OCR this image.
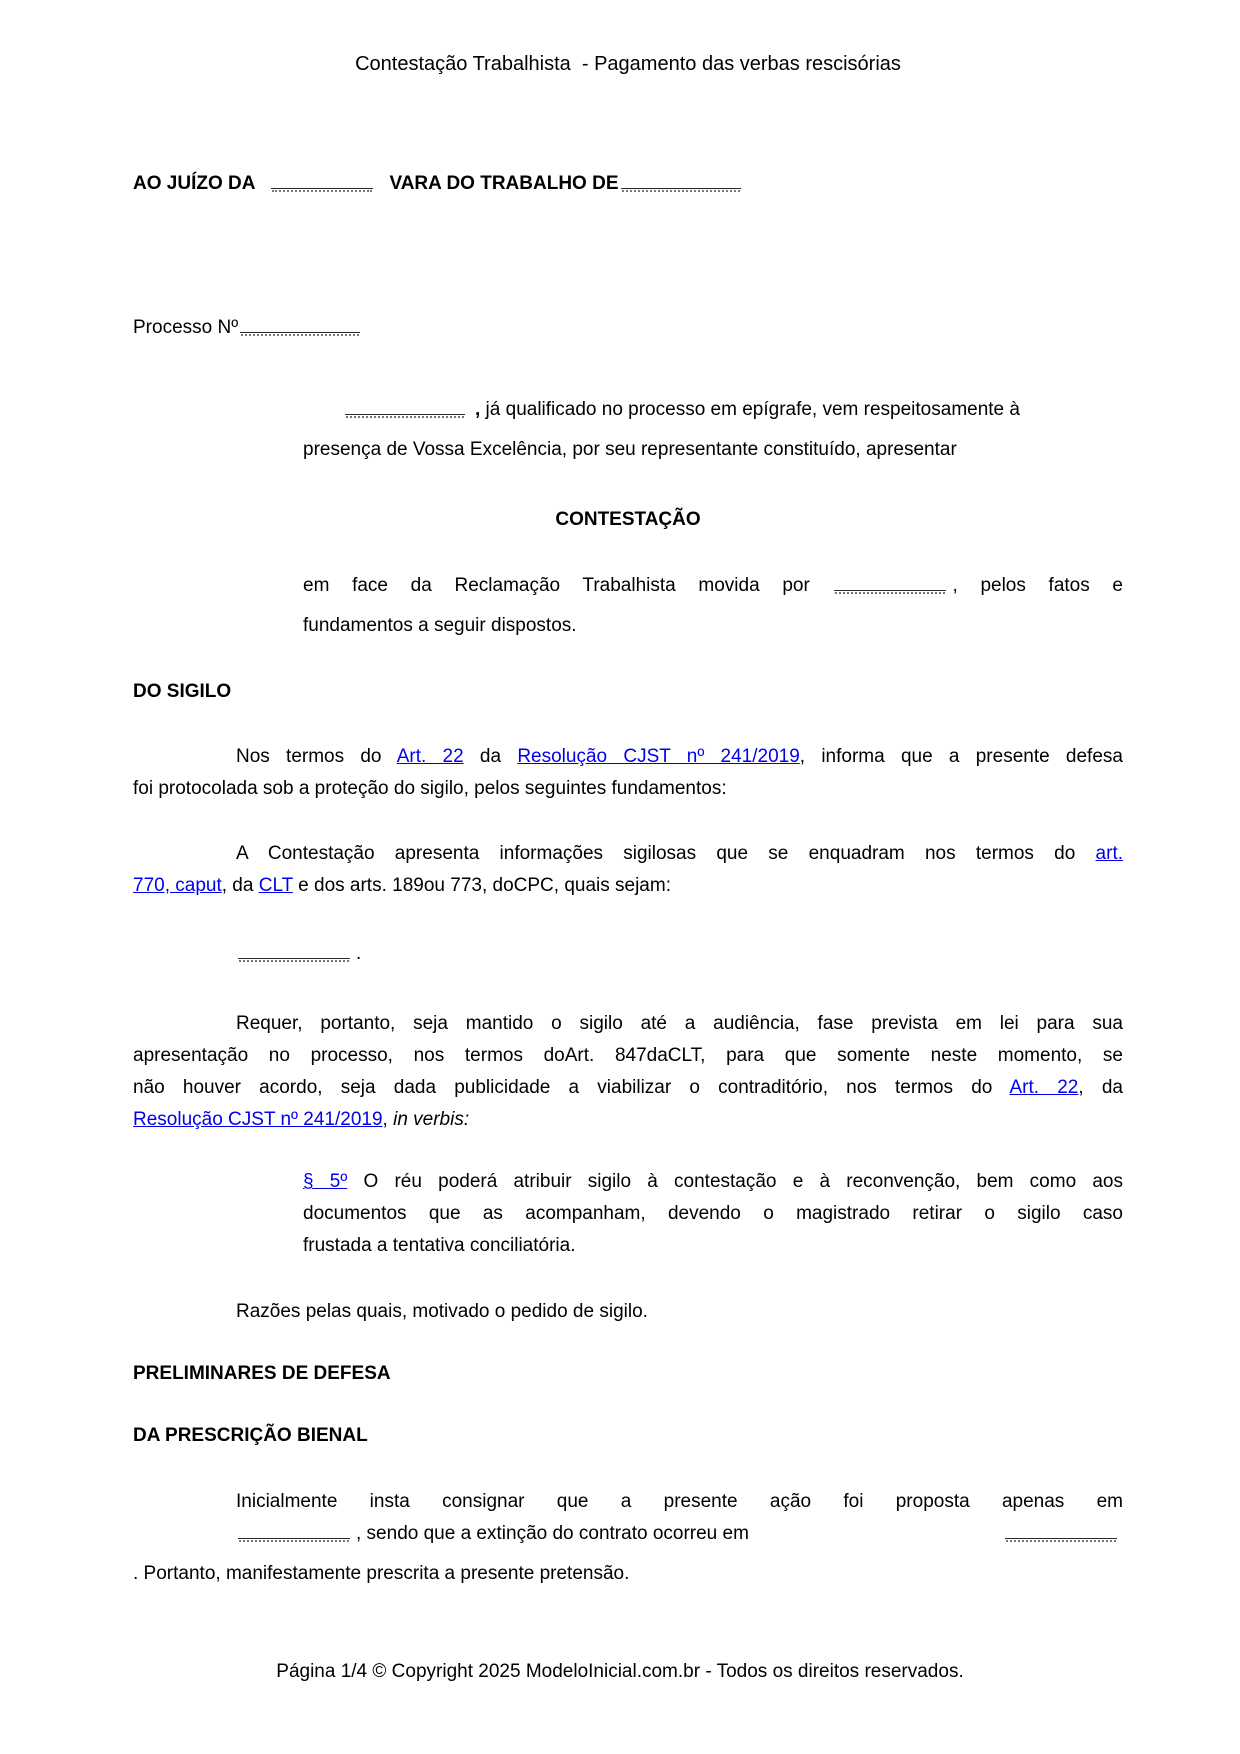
Contestação Trabalhista  - Pagamento das verbas rescisórias

AO JUÍZO DA	VARA DO TRABALHO DE

Processo Nº

, já qualificado no processo em epígrafe, vem respeitosamente à
presença de Vossa Excelência, por seu representante constituído, apresentar
CONTESTAÇÃO
em face da Reclamação Trabalhista movida por	, pelos fatos e
fundamentos a seguir dispostos.
DO SIGILO
Nos termos do Art. 22 da Resolução CJST nº 241/2019, informa que a presente defesa
foi protocolada sob a proteção do sigilo, pelos seguintes fundamentos:
A Contestação apresenta informações sigilosas que se enquadram nos termos do art.
770, caput, da CLT e dos arts. 189ou 773, doCPC, quais sejam:

.

Requer, portanto, seja mantido o sigilo até a audiência, fase prevista em lei para sua
apresentação no processo, nos termos doArt. 847daCLT, para que somente neste momento, se
não houver acordo, seja dada publicidade a viabilizar o contraditório, nos termos do Art. 22, da
Resolução CJST nº 241/2019, in verbis:
§ 5º O réu poderá atribuir sigilo à contestação e à reconvenção, bem como aos
documentos que as acompanham, devendo o magistrado retirar o sigilo caso
frustada a tentativa conciliatória.

Razões pelas quais, motivado o pedido de sigilo.

PRELIMINARES DE DEFESA
DA PRESCRIÇÃO BIENAL
Inicialmente insta consignar que a presente ação foi proposta apenas em
, sendo que a extinção do contrato ocorreu em
. Portanto, manifestamente prescrita a presente pretensão.
Página 1/4 © Copyright 2025 ModeloInicial.com.br - Todos os direitos reservados.
